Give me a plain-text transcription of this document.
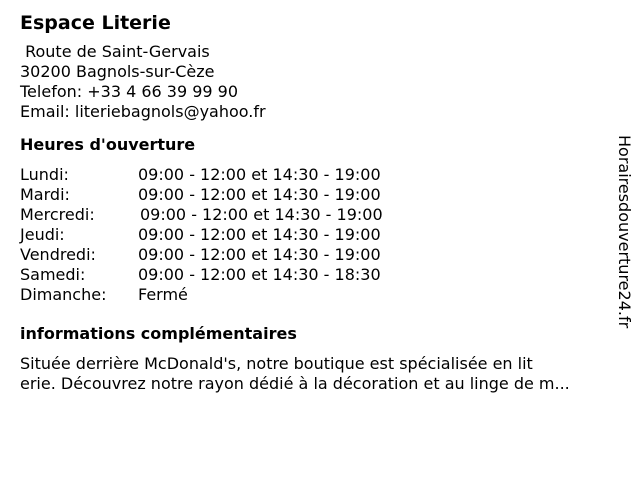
Espace Literie
Route de Saint-Gervais
30200 Bagnols-sur-Cèze
Telefon: +33 4 66 39 99 90
Email: literiebagnols@yahoo.fr
Heures d'ouverture
Lundi:	09:00 - 12:00 et 14:30 - 19:00
Mardi:	09:00 - 12:00 et 14:30 - 19:00
Mercredi:	09:00 - 12:00 et 14:30 - 19:00
Jeudi:	09:00 - 12:00 et 14:30 - 19:00
Vendredi:	09:00 - 12:00 et 14:30 - 19:00
Samedi:	09:00 - 12:00 et 14:30 - 18:30
Dimanche:	Fermé
informations complémentaires
Située derrière McDonald's, notre boutique est spécialisée en lit
erie. Découvrez notre rayon dédié à la décoration et au linge de m...
Horairesdouverture24.fr
